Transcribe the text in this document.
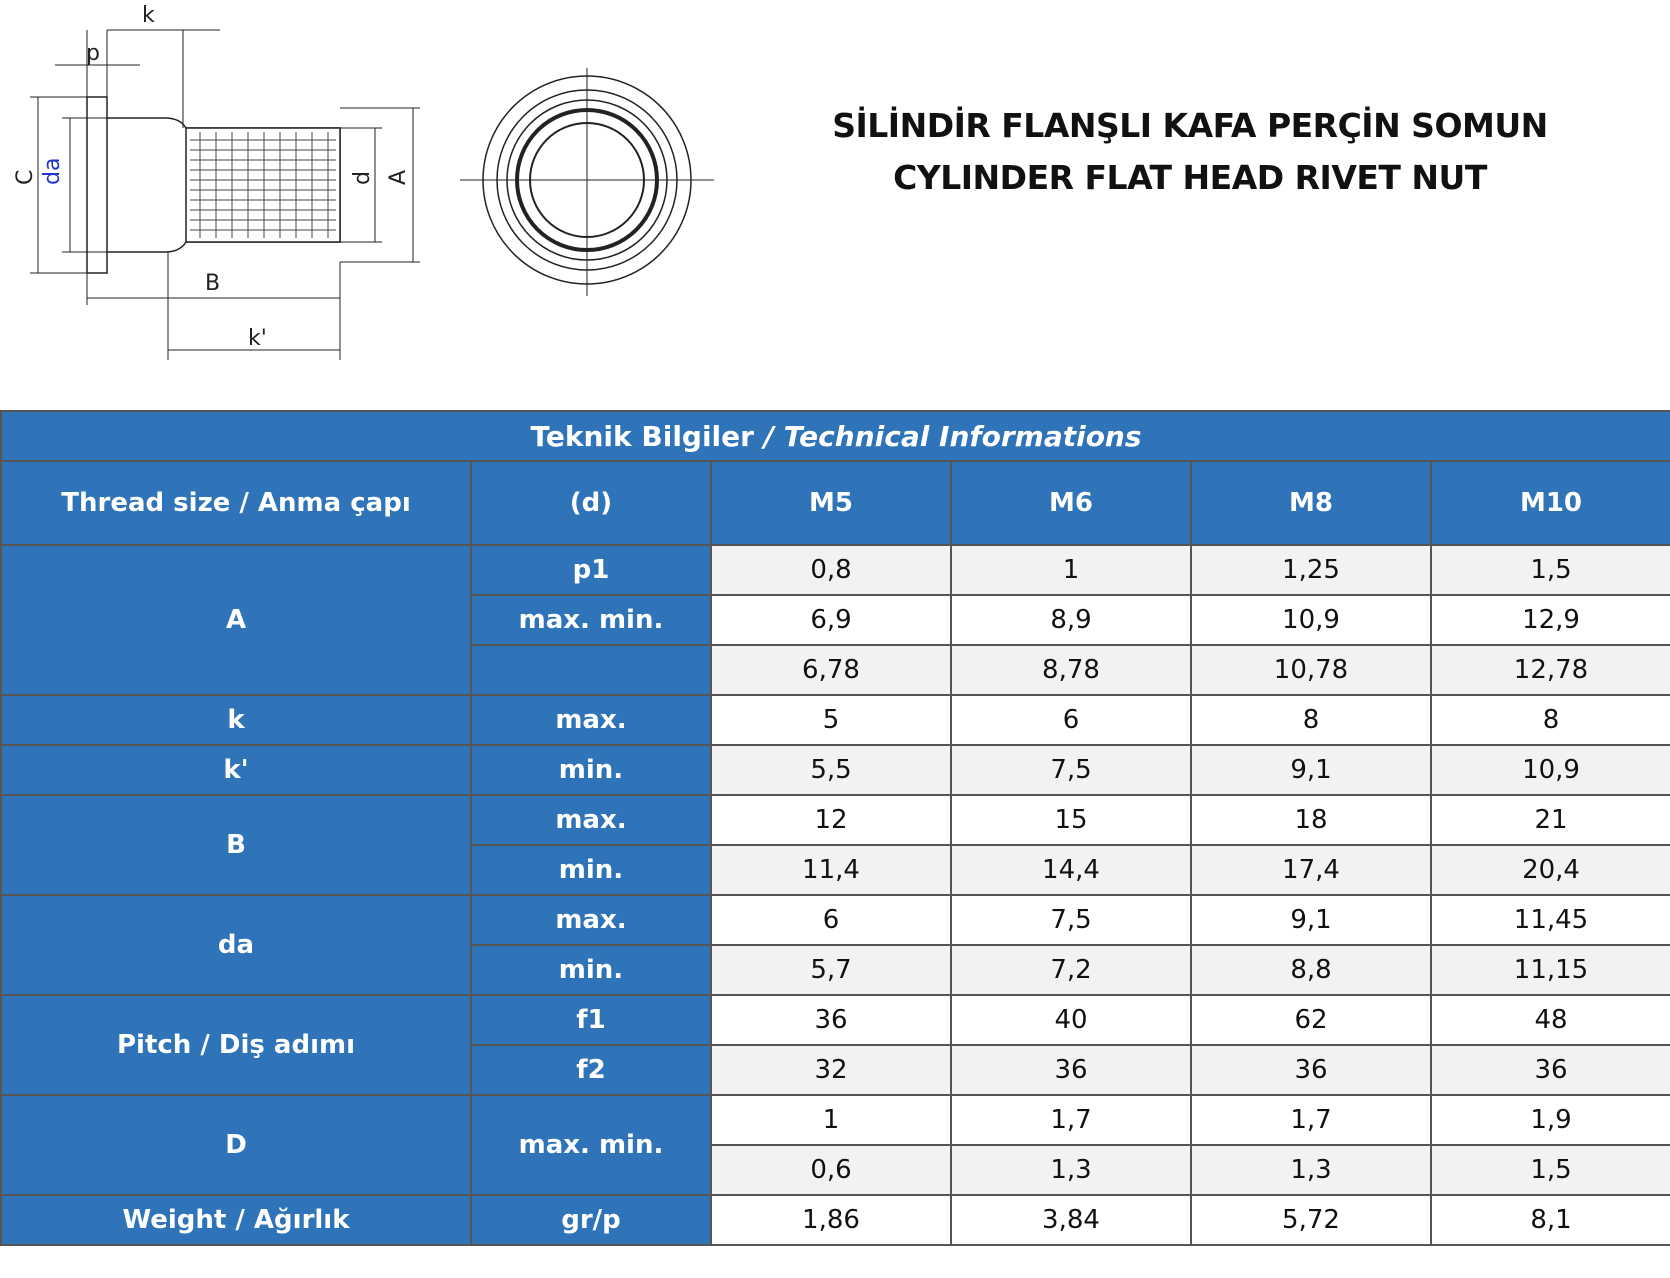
k
p
C da	d A
B
k'
SİLİNDİR FLANŞLI KAFA PERÇİN SOMUN
CYLINDER FLAT HEAD RIVET NUT
Teknik Bilgiler / Technical Informations					
Thread size / Anma çapı	(d)	M5	M6	M8	M10
A	p1	0,8	1	1,25	1,5
	max. min.	6,9	8,9	10,9	12,9
		6,78	8,78	10,78	12,78
k	max.	5	6	8	8
k'	min.	5,5	7,5	9,1	10,9
B	max.	12	15	18	21
	min.	11,4	14,4	17,4	20,4
da	max.	6	7,5	9,1	11,45
	min.	5,7	7,2	8,8	11,15
Pitch / Diş adımı	f1	36	40	62	48
	f2	32	36	36	36
D	max. min.	1	1,7	1,7	1,9
		0,6	1,3	1,3	1,5
Weight / Ağırlık	gr/p	1,86	3,84	5,72	8,1
